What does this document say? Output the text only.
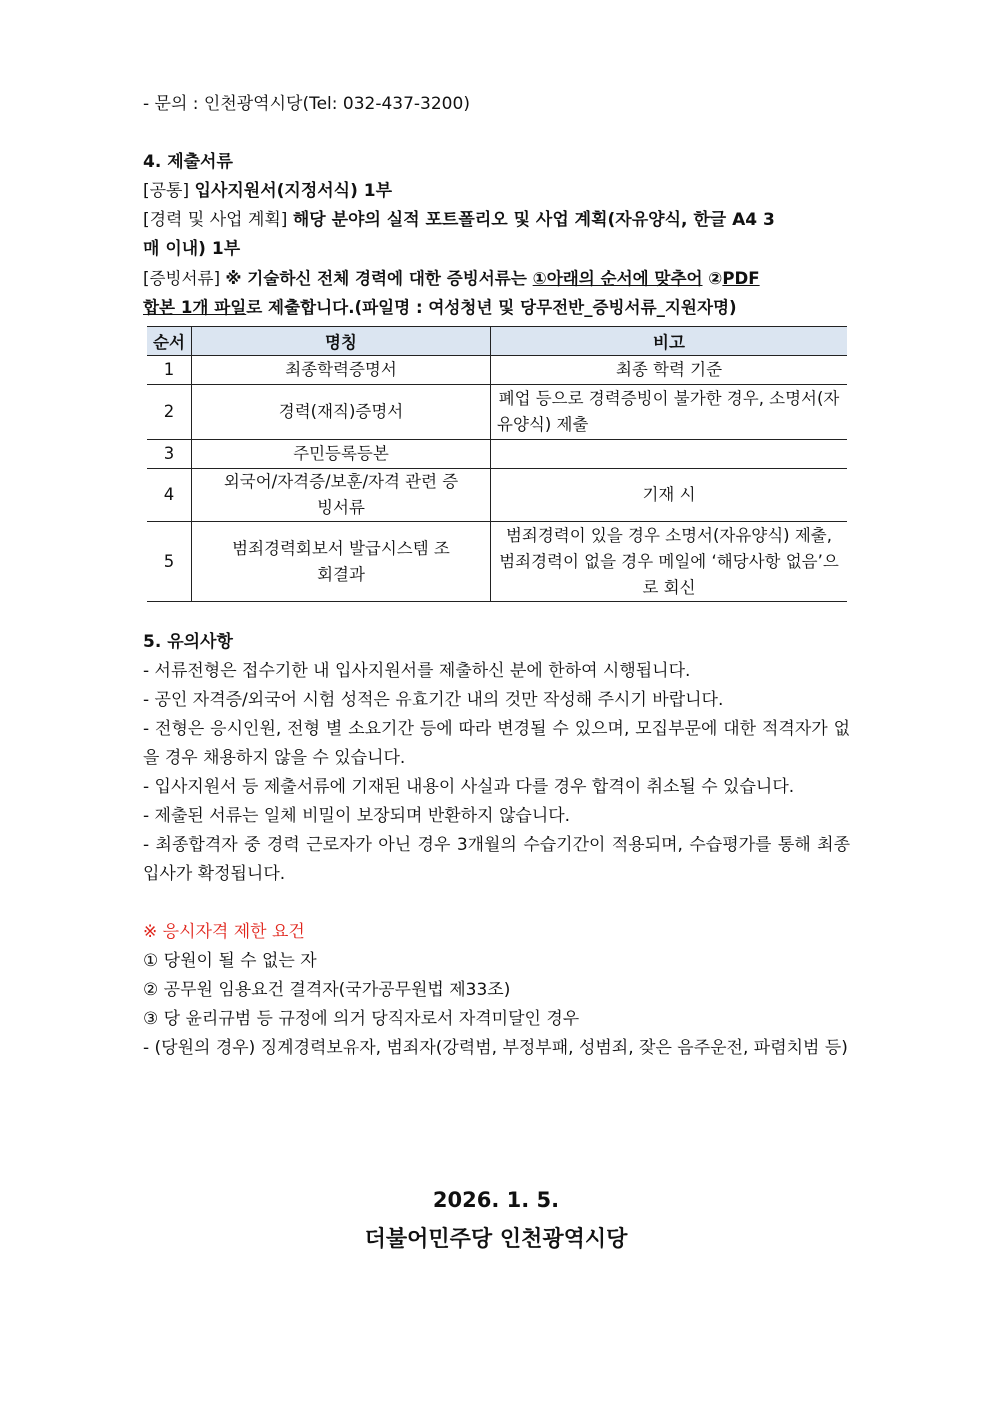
- 문의 : 인천광역시당(Tel: 032-437-3200)
4. 제출서류
[공통] 입사지원서(지정서식) 1부
[경력 및 사업 계획] 해당 분야의 실적 포트폴리오 및 사업 계획(자유양식, 한글 A4 3
매 이내) 1부
[증빙서류] ※ 기술하신 전체 경력에 대한 증빙서류는 ①아래의 순서에 맞추어 ②PDF
합본 1개 파일로 제출합니다.(파일명 : 여성청년 및 당무전반_증빙서류_지원자명)
순서	명칭	비고
1	최종학력증명서	최종 학력 기준
2	경력(재직)증명서	폐업 등으로 경력증빙이 불가한 경우, 소명서(자유양식) 제출
3	주민등록등본	
4	외국어/자격증/보훈/자격 관련 증빙서류	기재 시
5	범죄경력회보서 발급시스템 조회결과	범죄경력이 있을 경우 소명서(자유양식) 제출, 범죄경력이 없을 경우 메일에 ‘해당사항 없음’으로 회신
5. 유의사항
- 서류전형은 접수기한 내 입사지원서를 제출하신 분에 한하여 시행됩니다.
- 공인 자격증/외국어 시험 성적은 유효기간 내의 것만 작성해 주시기 바랍니다.
- 전형은 응시인원, 전형 별 소요기간 등에 따라 변경될 수 있으며, 모집부문에 대한 적격자가 없을 경우 채용하지 않을 수 있습니다.
- 입사지원서 등 제출서류에 기재된 내용이 사실과 다를 경우 합격이 취소될 수 있습니다.
- 제출된 서류는 일체 비밀이 보장되며 반환하지 않습니다.
- 최종합격자 중 경력 근로자가 아닌 경우 3개월의 수습기간이 적용되며, 수습평가를 통해 최종입사가 확정됩니다.
※ 응시자격 제한 요건
① 당원이 될 수 없는 자
② 공무원 임용요건 결격자(국가공무원법 제33조)
③ 당 윤리규범 등 규정에 의거 당직자로서 자격미달인 경우
- (당원의 경우) 징계경력보유자, 범죄자(강력범, 부정부패, 성범죄, 잦은 음주운전, 파렴치범 등)
2026. 1. 5.
더불어민주당 인천광역시당
